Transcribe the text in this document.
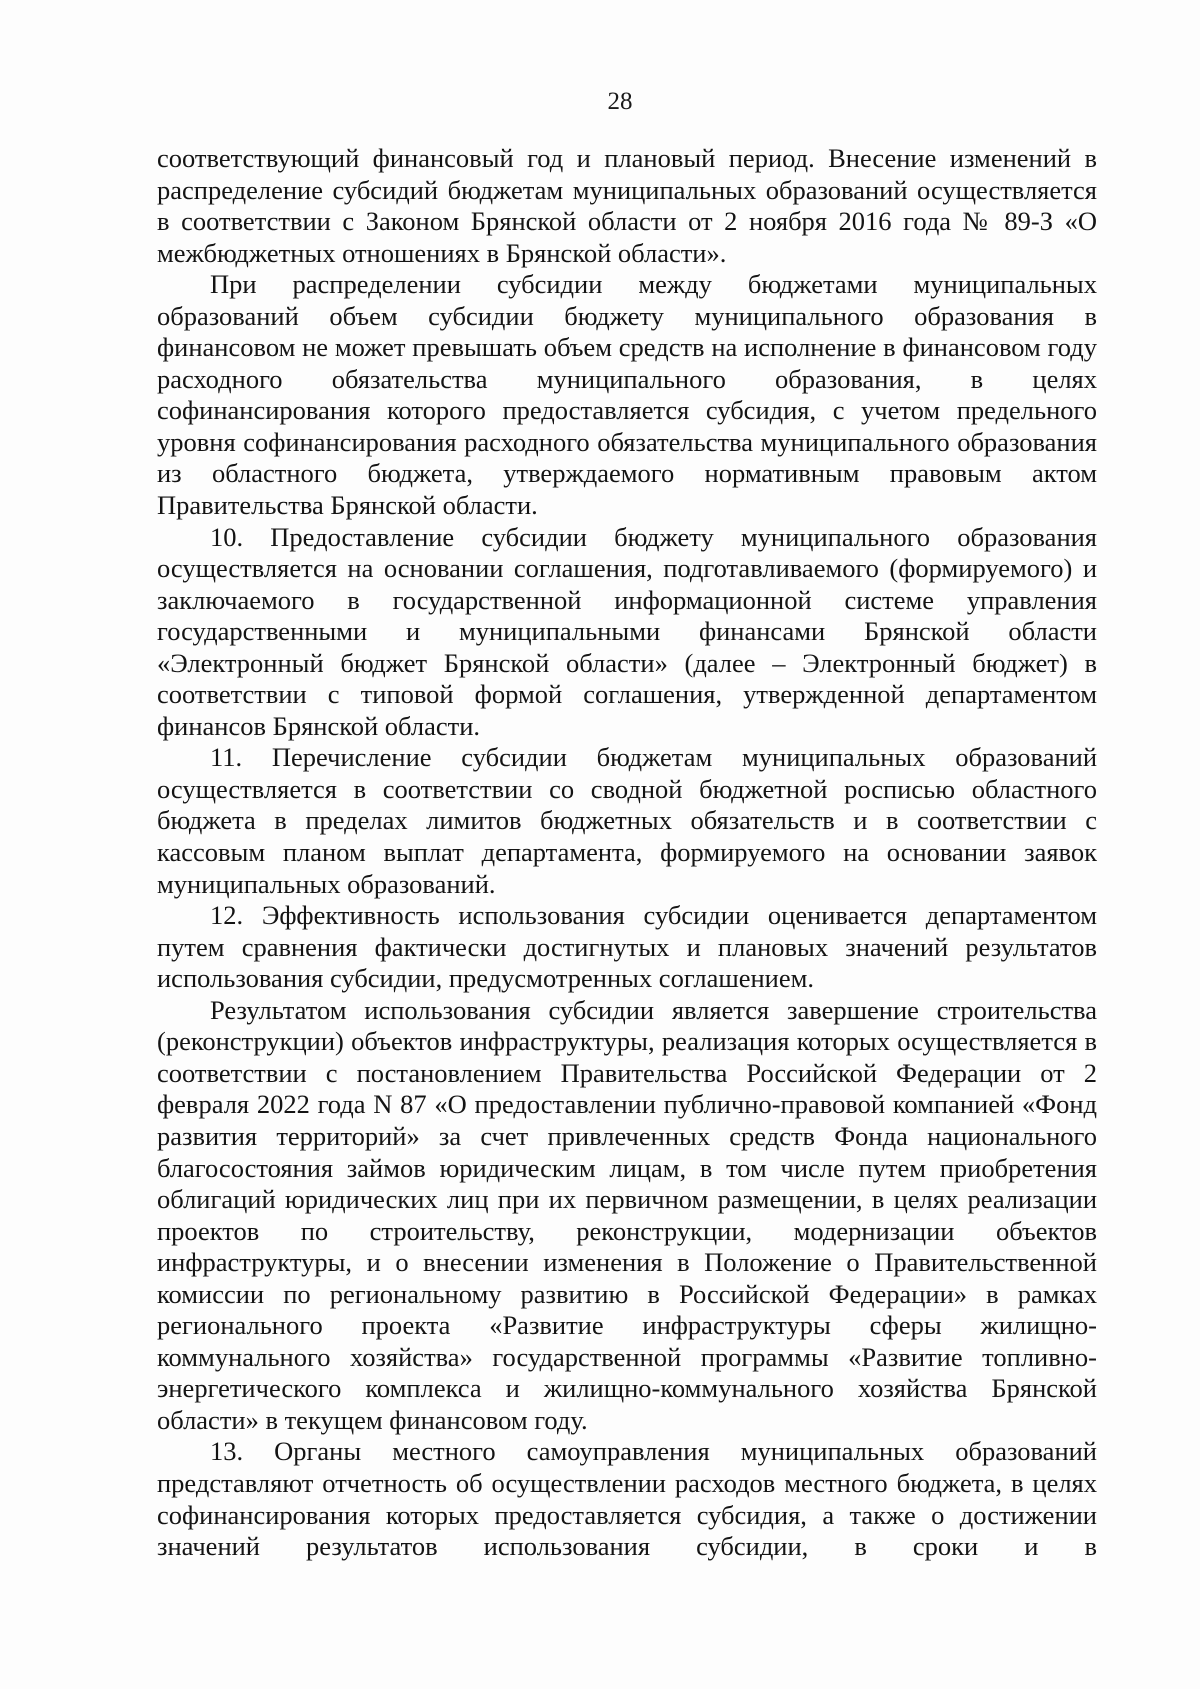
28

соответствующий финансовый год и плановый период. Внесение изменений в распределение субсидий бюджетам муниципальных образований осуществляется в соответствии с Законом Брянской области от 2 ноября 2016 года № 89-З «О межбюджетных отношениях в Брянской области».

При распределении субсидии между бюджетами муниципальных образований объем субсидии бюджету муниципального образования в финансовом не может превышать объем средств на исполнение в финансовом году расходного обязательства муниципального образования, в целях софинансирования которого предоставляется субсидия, с учетом предельного уровня софинансирования расходного обязательства муниципального образования из областного бюджета, утверждаемого нормативным правовым актом Правительства Брянской области.

10. Предоставление субсидии бюджету муниципального образования осуществляется на основании соглашения, подготавливаемого (формируемого) и заключаемого в государственной информационной системе управления государственными и муниципальными финансами Брянской области «Электронный бюджет Брянской области» (далее – Электронный бюджет) в соответствии с типовой формой соглашения, утвержденной департаментом финансов Брянской области.

11. Перечисление субсидии бюджетам муниципальных образований осуществляется в соответствии со сводной бюджетной росписью областного бюджета в пределах лимитов бюджетных обязательств и в соответствии с кассовым планом выплат департамента, формируемого на основании заявок муниципальных образований.

12. Эффективность использования субсидии оценивается департаментом путем сравнения фактически достигнутых и плановых значений результатов использования субсидии, предусмотренных соглашением.

Результатом использования субсидии является завершение строительства (реконструкции) объектов инфраструктуры, реализация которых осуществляется в соответствии с постановлением Правительства Российской Федерации от 2 февраля 2022 года N 87 «О предоставлении публично-правовой компанией «Фонд развития территорий» за счет привлеченных средств Фонда национального благосостояния займов юридическим лицам, в том числе путем приобретения облигаций юридических лиц при их первичном размещении, в целях реализации проектов по строительству, реконструкции, модернизации объектов инфраструктуры, и о внесении изменения в Положение о Правительственной комиссии по региональному развитию в Российской Федерации» в рамках регионального проекта «Развитие инфраструктуры сферы жилищно-коммунального хозяйства» государственной программы «Развитие топливно-энергетического комплекса и жилищно-коммунального хозяйства Брянской области» в текущем финансовом году.

13. Органы местного самоуправления муниципальных образований представляют отчетность об осуществлении расходов местного бюджета, в целях софинансирования которых предоставляется субсидия, а также о достижении значений результатов использования субсидии, в сроки и в
